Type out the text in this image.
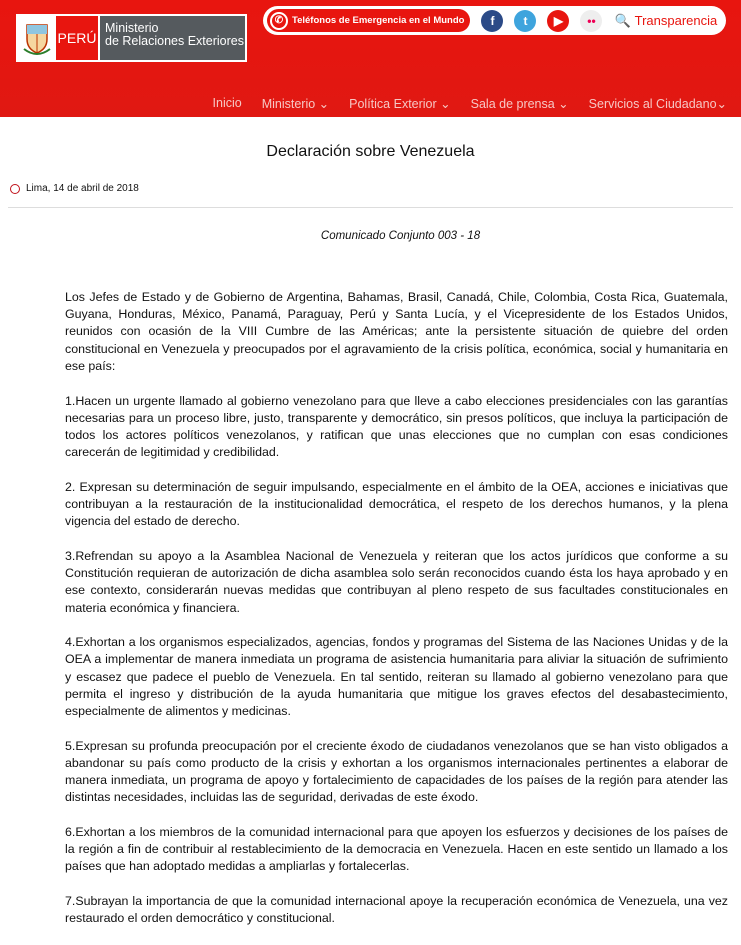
PERÚ
Ministerio
de Relaciones Exteriores
✆ Teléfonos de Emergencia en el Mundo	f	t	▶	••	🔍 Transparencia
Inicio Ministerio ⌄ Política Exterior ⌄ Sala de prensa ⌄ Servicios al Ciudadano⌄
Declaración sobre Venezuela
Lima, 14 de abril de 2018
Comunicado Conjunto 003 - 18

Los Jefes de Estado y de Gobierno de Argentina, Bahamas, Brasil, Canadá, Chile, Colombia, Costa Rica, Guatemala, Guyana, Honduras, México, Panamá, Paraguay, Perú y Santa Lucía, y el Vicepresidente de los Estados Unidos, reunidos con ocasión de la VIII Cumbre de las Américas; ante la persistente situación de quiebre del orden constitucional en Venezuela y preocupados por el agravamiento de la crisis política, económica, social y humanitaria en ese país:

1.Hacen un urgente llamado al gobierno venezolano para que lleve a cabo elecciones presidenciales con las garantías necesarias para un proceso libre, justo, transparente y democrático, sin presos políticos, que incluya la participación de todos los actores políticos venezolanos, y ratifican que unas elecciones que no cumplan con esas condiciones carecerán de legitimidad y credibilidad.

2. Expresan su determinación de seguir impulsando, especialmente en el ámbito de la OEA, acciones e iniciativas que contribuyan a la restauración de la institucionalidad democrática, el respeto de los derechos humanos, y la plena vigencia del estado de derecho.

3.Refrendan su apoyo a la Asamblea Nacional de Venezuela y reiteran que los actos jurídicos que conforme a su Constitución requieran de autorización de dicha asamblea solo serán reconocidos cuando ésta los haya aprobado y en ese contexto, considerarán nuevas medidas que contribuyan al pleno respeto de sus facultades constitucionales en materia económica y financiera.

4.Exhortan a los organismos especializados, agencias, fondos y programas del Sistema de las Naciones Unidas y de la OEA a implementar de manera inmediata un programa de asistencia humanitaria para aliviar la situación de sufrimiento y escasez que padece el pueblo de Venezuela. En tal sentido, reiteran su llamado al gobierno venezolano para que permita el ingreso y distribución de la ayuda humanitaria que mitigue los graves efectos del desabastecimiento, especialmente de alimentos y medicinas.

5.Expresan su profunda preocupación por el creciente éxodo de ciudadanos venezolanos que se han visto obligados a abandonar su país como producto de la crisis y exhortan a los organismos internacionales pertinentes a elaborar de manera inmediata, un programa de apoyo y fortalecimiento de capacidades de los países de la región para atender las distintas necesidades, incluidas las de seguridad, derivadas de este éxodo.

6.Exhortan a los miembros de la comunidad internacional para que apoyen los esfuerzos y decisiones de los países de la región a fin de contribuir al restablecimiento de la democracia en Venezuela. Hacen en este sentido un llamado a los países que han adoptado medidas a ampliarlas y fortalecerlas.

7.Subrayan la importancia de que la comunidad internacional apoye la recuperación económica de Venezuela, una vez restaurado el orden democrático y constitucional.
